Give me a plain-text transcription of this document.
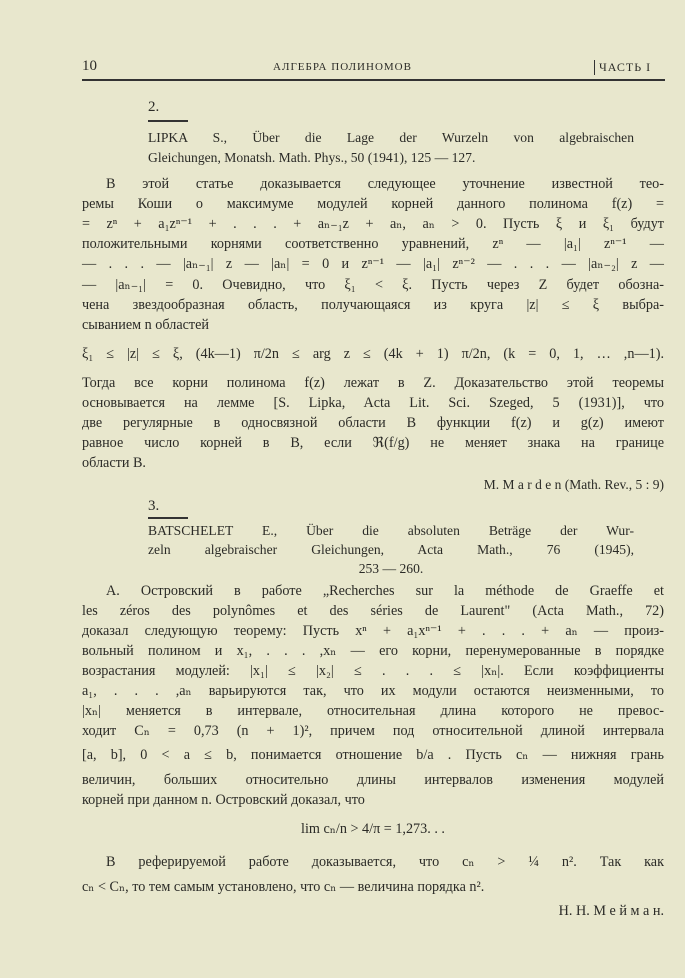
10	АЛГЕБРА ПОЛИНОМОВ	ЧАСТЬ I
2.
LIPKA S., Über die Lage der Wurzeln von algebraischen
Gleichungen, Monatsh. Math. Phys., 50 (1941), 125 — 127.
В этой статье доказывается следующее уточнение известной тео-
ремы Коши о максимуме модулей корней данного полинома f(z) =
= zⁿ + a₁zⁿ⁻¹ + . . . + aₙ₋₁z + aₙ, aₙ > 0. Пусть ξ и ξ₁ будут
положительными корнями соответственно уравнений, zⁿ — |a₁| zⁿ⁻¹ —
— . . . — |aₙ₋₁| z — |aₙ| = 0 и zⁿ⁻¹ — |a₁| zⁿ⁻² — . . . — |aₙ₋₂| z —
— |aₙ₋₁| = 0. Очевидно, что ξ₁ < ξ. Пусть через Z будет обозна-
чена звездообразная область, получающаяся из круга |z| ≤ ξ выбра-
сыванием n областей
ξ₁ ≤ |z| ≤ ξ, (4k—1) π/2n ≤ arg z ≤ (4k + 1) π/2n, (k = 0, 1, … ,n—1).
Тогда все корни полинома f(z) лежат в Z. Доказательство этой теоремы
основывается на лемме [S. Lipka, Acta Lit. Sci. Szeged, 5 (1931)], что
две регулярные в односвязной области B функции f(z) и g(z) имеют
равное число корней в B, если ℜ(f/g) не меняет знака на границе
области B.
M. M a r d e n (Math. Rev., 5 : 9)
3.
BATSCHELET E., Über die absoluten Beträge der Wur-
zeln algebraischer Gleichungen, Acta Math., 76 (1945),
253 — 260.
A. Островский в работе „Recherches sur la méthode de Graeffe et
les zéros des polynômes et des séries de Laurent" (Acta Math., 72)
доказал следующую теорему: Пусть xⁿ + a₁xⁿ⁻¹ + . . . + aₙ — произ-
вольный полином и x₁, . . . ,xₙ — его корни, перенумерованные в порядке
возрастания модулей: |x₁| ≤ |x₂| ≤ . . . ≤ |xₙ|. Если коэффициенты
a₁, . . . ,aₙ варьируются так, что их модули остаются неизменными, то
|xₙ| меняется в интервале, относительная длина которого не превос-
ходит Cₙ = 0,73 (n + 1)², причем под относительной длиной интервала
[a, b], 0 < a ≤ b, понимается отношение b/a . Пусть cₙ — нижняя грань
величин, больших относительно длины интервалов изменения модулей
корней при данном n. Островский доказал, что
lim cₙ/n > 4/π = 1,273. . .
В реферируемой работе доказывается, что cₙ > ¼ n². Так как
cₙ < Cₙ, то тем самым установлено, что cₙ — величина порядка n².
Н. Н. М е й м а н.
